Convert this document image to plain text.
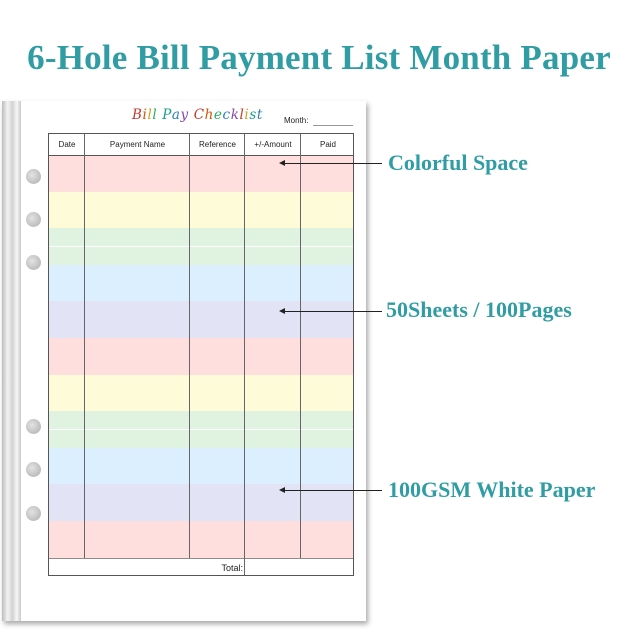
6-Hole Bill Payment List Month Paper
Bill Pay Checklist	Month:
Date	Payment Name	Reference	+/-Amount	Paid
Total:
Colorful Space
50Sheets / 100Pages
100GSM White Paper
